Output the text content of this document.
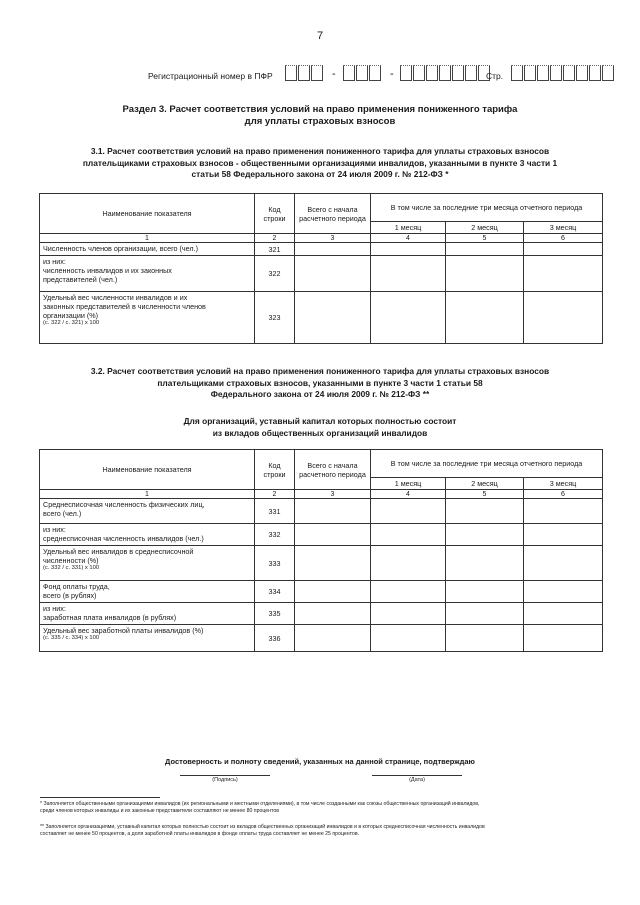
7
Регистрационный номер в ПФР	-	-	Стр.
Раздел 3. Расчет соответствия условий на право применения пониженного тарифа
для уплаты страховых взносов
3.1. Расчет соответствия условий на право применения пониженного тарифа для уплаты страховых взносов
плательщиками страховых взносов - общественными организациями инвалидов, указанными в пункте 3 части 1
статьи 58 Федерального закона от 24 июля 2009 г. № 212-ФЗ *
Наименование показателя	Код строки	Всего с начала расчетного периода	В том числе за последние три месяца отчетного периода		
			1 месяц	2 месяц	3 месяц
1	2	3	4	5	6

Численность членов организации, всего (чел.)	321				

из них:
численность инвалидов и их законных
представителей (чел.)	322				

Удельный вес численности инвалидов и их
законных представителей в численности членов
организации (%)
(с. 322 / с. 321) х 100	323				
3.2. Расчет соответствия условий на право применения пониженного тарифа для уплаты страховых взносов
плательщиками страховых взносов, указанными в пункте 3 части 1 статьи 58
Федерального закона от 24 июля 2009 г. № 212-ФЗ **
Для организаций, уставный капитал которых полностью состоит
из вкладов общественных организаций инвалидов
Наименование показателя	Код строки	Всего с начала расчетного периода	В том числе за последние три месяца отчетного периода		
			1 месяц	2 месяц	3 месяц
1	2	3	4	5	6

Среднесписочная численность физических лиц,
всего (чел.)	331				

из них:
среднесписочная численность инвалидов (чел.)	332				

Удельный вес инвалидов в среднесписочной
численности (%)
(с. 332 / с. 331) х 100	333				

Фонд оплаты труда,
всего (в рублях)	334				

из них:
заработная плата инвалидов (в рублях)	335				

Удельный вес заработной платы инвалидов (%)
(с. 335 / с. 334) х 100	336				
Достоверность и полноту сведений, указанных на данной странице, подтверждаю
(Подпись)	(Дата)
* Заполняется общественными организациями инвалидов (их региональными и местными отделениями), в том числе созданными как союзы общественных организаций инвалидов,
среди членов которых инвалиды и их законные представители составляют не менее 80 процентов
** Заполняется организациями, уставный капитал которых полностью состоит из вкладов общественных организаций инвалидов и в которых среднесписочная численность инвалидов
составляет не менее 50 процентов, а доля заработной платы инвалидов в фонде оплаты труда составляет не менее 25 процентов.
